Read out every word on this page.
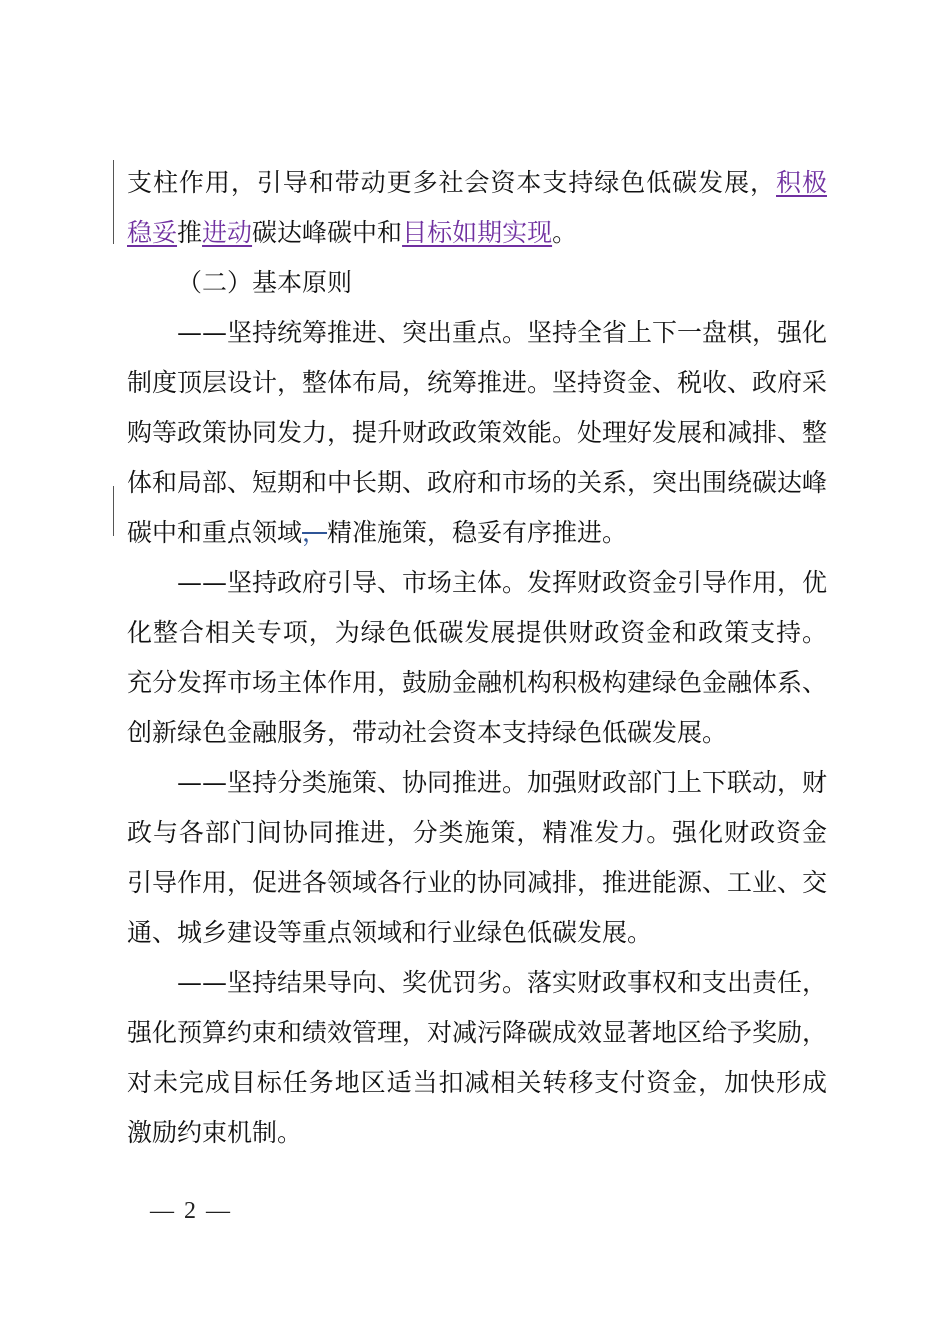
支柱作用，引导和带动更多社会资本支持绿色低碳发展，积极
稳妥推进动碳达峰碳中和目标如期实现。
（二）基本原则
——坚持统筹推进、突出重点。坚持全省上下一盘棋，强化
制度顶层设计，整体布局，统筹推进。坚持资金、税收、政府采
购等政策协同发力，提升财政政策效能。处理好发展和减排、整
体和局部、短期和中长期、政府和市场的关系，突出围绕碳达峰
碳中和重点领域，精准施策，稳妥有序推进。
——坚持政府引导、市场主体。发挥财政资金引导作用，优
化整合相关专项，为绿色低碳发展提供财政资金和政策支持。
充分发挥市场主体作用，鼓励金融机构积极构建绿色金融体系、
创新绿色金融服务，带动社会资本支持绿色低碳发展。
——坚持分类施策、协同推进。加强财政部门上下联动，财
政与各部门间协同推进，分类施策，精准发力。强化财政资金
引导作用，促进各领域各行业的协同减排，推进能源、工业、交
通、城乡建设等重点领域和行业绿色低碳发展。
——坚持结果导向、奖优罚劣。落实财政事权和支出责任，
强化预算约束和绩效管理，对减污降碳成效显著地区给予奖励，
对未完成目标任务地区适当扣减相关转移支付资金，加快形成
激励约束机制。
— 2 —
